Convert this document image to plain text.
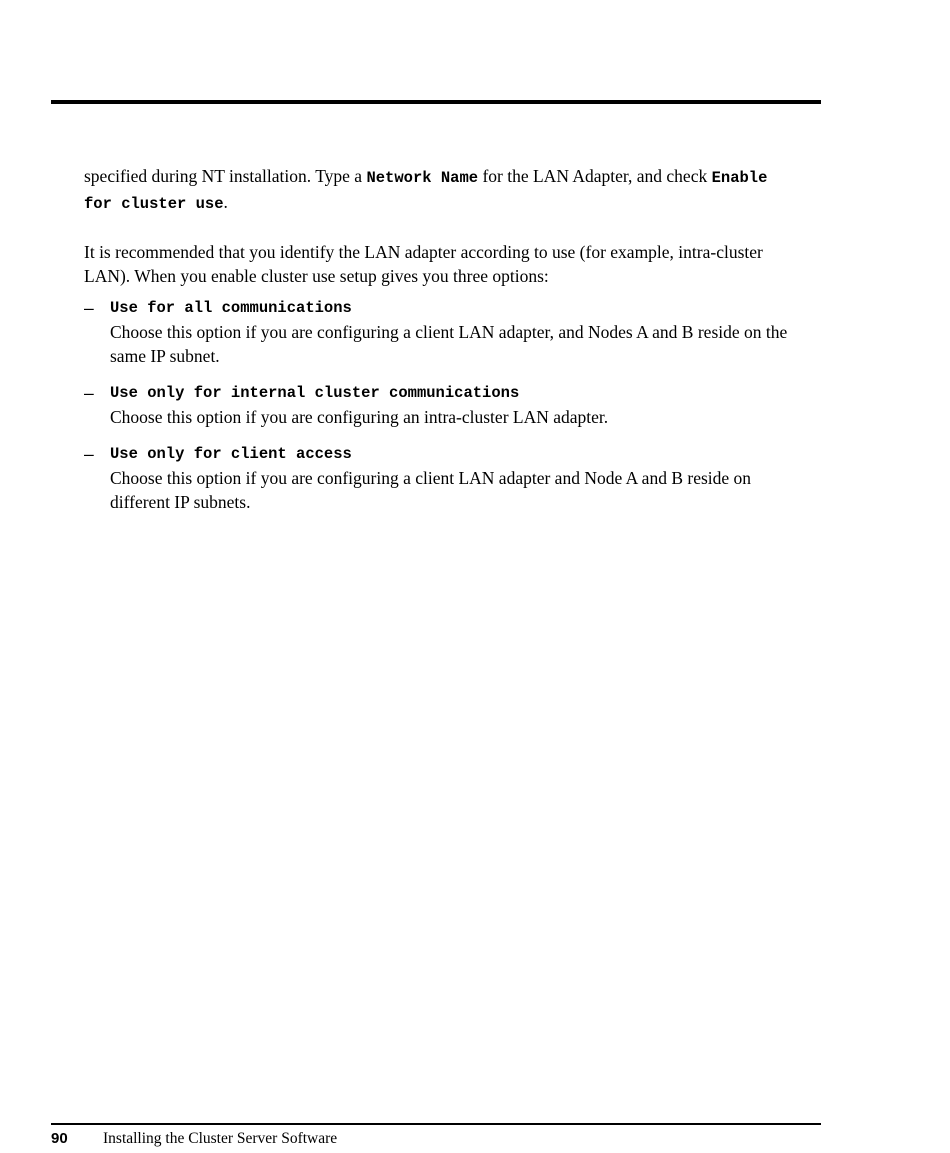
specified during NT installation. Type a Network Name for the LAN Adapter, and check Enable for cluster use.

It is recommended that you identify the LAN adapter according to use (for example, intra-cluster LAN). When you enable cluster use setup gives you three options:

– Use for all communications
Choose this option if you are configuring a client LAN adapter, and Nodes A and B reside on the same IP subnet.
– Use only for internal cluster communications
Choose this option if you are configuring an intra-cluster LAN adapter.
– Use only for client access
Choose this option if you are configuring a client LAN adapter and Node A and B reside on different IP subnets.
90 Installing the Cluster Server Software
